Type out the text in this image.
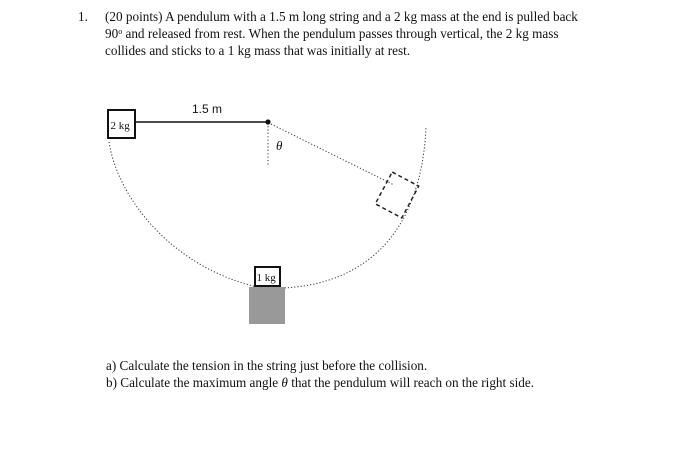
1. (20 points) A pendulum with a 1.5 m long string and a 2 kg mass at the end is pulled back
90$^o$ and released from rest. When the pendulum passes through vertical, the 2 kg mass
collides and sticks to a 1 kg mass that was initially at rest.
2 kg
1.5 m
θ
1 kg
a) Calculate the tension in the string just before the collision.
b) Calculate the maximum angle θ that the pendulum will reach on the right side.
